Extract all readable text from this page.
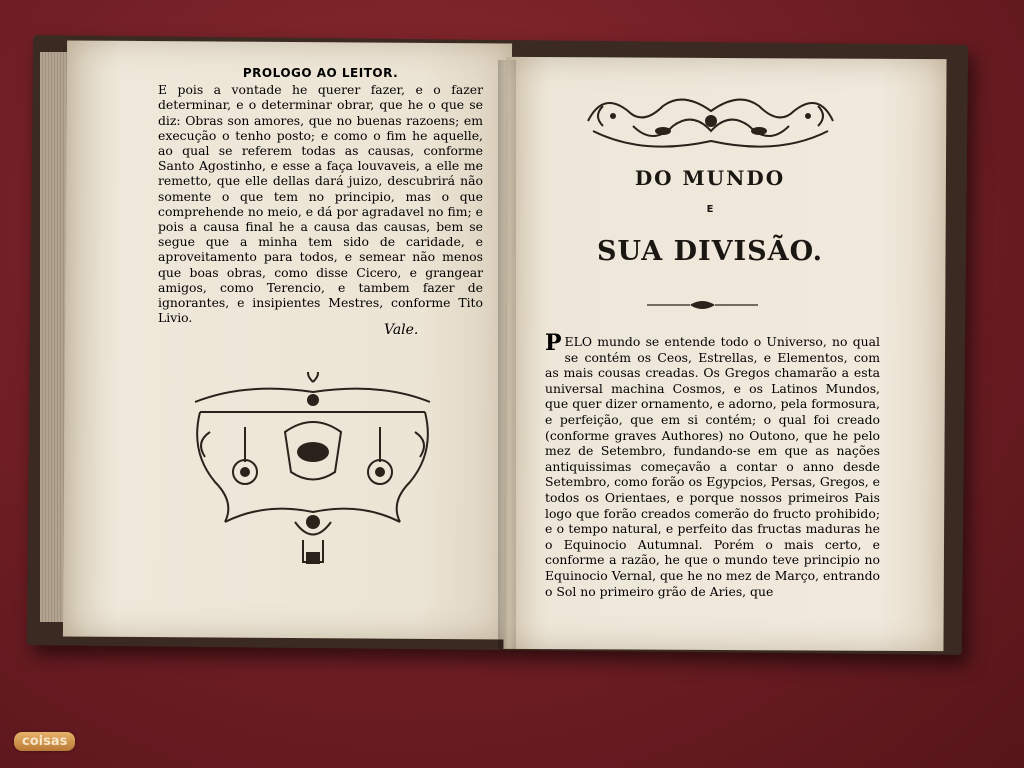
PROLOGO AO LEITOR.

E pois a vontade he querer fazer, e o fazer determinar, e o determinar obrar, que he o que se diz: Obras son amores, que no buenas razoens; em execução o tenho posto; e como o fim he aquelle, ao qual se referem todas as causas, conforme Santo Agostinho, e esse a faça louvaveis, a elle me remetto, que elle dellas dará juizo, descubrirá não somente o que tem no principio, mas o que comprehende no meio, e dá por agradavel no fim; e pois a causa final he a causa das causas, bem se segue que a minha tem sido de caridade, e aproveitamento para todos, e semear não menos que boas obras, como disse Cicero, e grangear amigos, como Terencio, e tambem fazer de ignorantes, e insipientes Mestres, conforme Tito Livio.

Vale.
DO MUNDO
E
SUA DIVISÃO.

PELO mundo se entende todo o Universo, no qual se contém os Ceos, Estrellas, e Elementos, com as mais cousas creadas. Os Gregos chamarão a esta universal machina Cosmos, e os Latinos Mundos, que quer dizer ornamento, e adorno, pela formosura, e perfeição, que em si contém; o qual foi creado (conforme graves Authores) no Outono, que he pelo mez de Setembro, fundando-se em que as nações antiquissimas começavão a contar o anno desde Setembro, como forão os Egypcios, Persas, Gregos, e todos os Orientaes, e porque nossos primeiros Pais logo que forão creados comerão do fructo prohibido; e o tempo natural, e perfeito das fructas maduras he o Equinocio Autumnal. Porém o mais certo, e conforme a razão, he que o mundo teve principio no Equinocio Vernal, que he no mez de Março, entrando o Sol no primeiro grão de Aries, que

coisas
